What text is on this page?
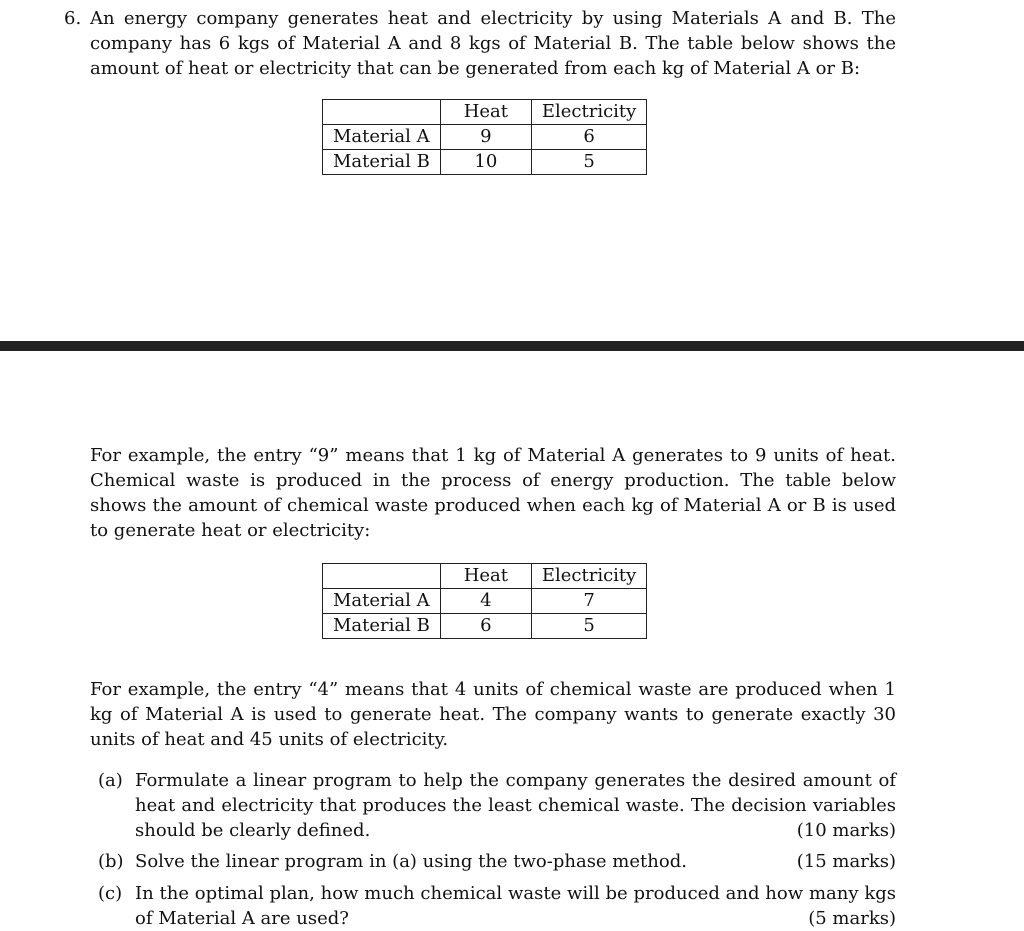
6. An energy company generates heat and electricity by using Materials A and B. The company has 6 kgs of Material A and 8 kgs of Material B. The table below shows the amount of heat or electricity that can be generated from each kg of Material A or B:

	Heat	Electricity
Material A	9	6
Material B	10	5

For example, the entry “9” means that 1 kg of Material A generates to 9 units of heat. Chemical waste is produced in the process of energy production. The table below shows the amount of chemical waste produced when each kg of Material A or B is used to generate heat or electricity:

	Heat	Electricity
Material A	4	7
Material B	6	5

For example, the entry “4” means that 4 units of chemical waste are produced when 1 kg of Material A is used to generate heat. The company wants to generate exactly 30 units of heat and 45 units of electricity.

(a) Formulate a linear program to help the company generates the desired amount of heat and electricity that produces the least chemical waste. The decision variables should be clearly defined.	(10 marks)
(b) Solve the linear program in (a) using the two-phase method.	(15 marks)
(c) In the optimal plan, how much chemical waste will be produced and how many kgs of Material A are used?	(5 marks)
